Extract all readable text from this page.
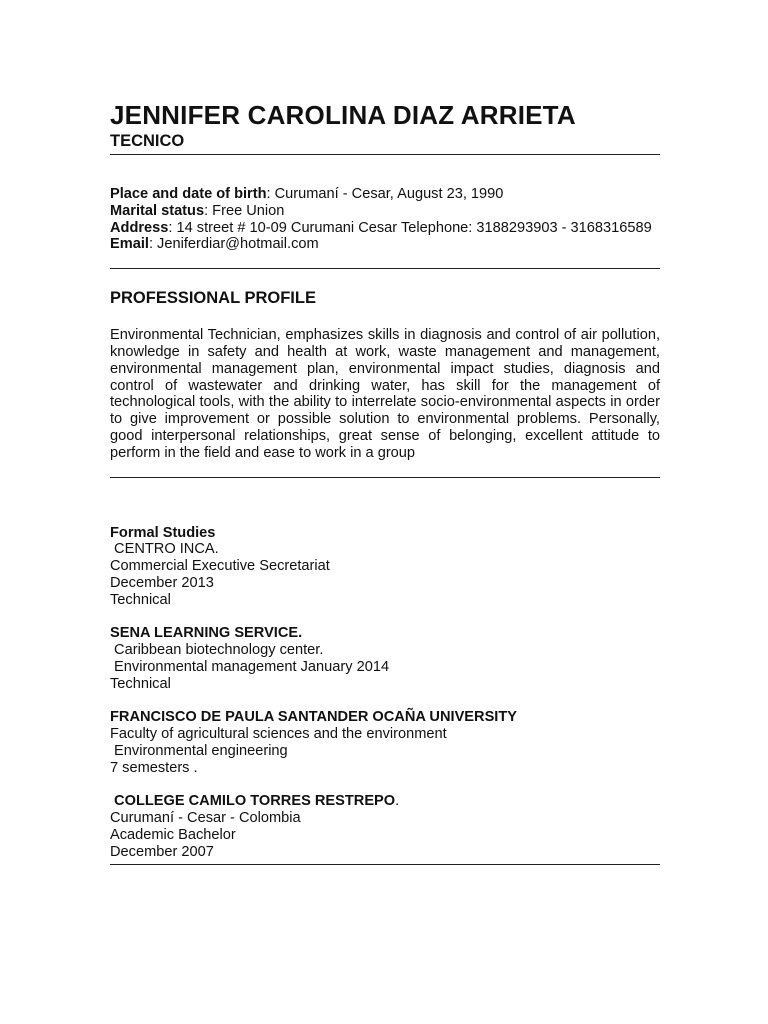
JENNIFER CAROLINA DIAZ ARRIETA
TECNICO
Place and date of birth: Curumaní - Cesar, August 23, 1990
Marital status: Free Union
Address: 14 street # 10-09 Curumani Cesar Telephone: 3188293903 - 3168316589
Email: Jeniferdiar@hotmail.com
PROFESSIONAL PROFILE

Environmental Technician, emphasizes skills in diagnosis and control of air pollution, knowledge in safety and health at work, waste management and management, environmental management plan, environmental impact studies, diagnosis and control of wastewater and drinking water, has skill for the management of technological tools, with the ability to interrelate socio-environmental aspects in order to give improvement or possible solution to environmental problems. Personally, good interpersonal relationships, great sense of belonging, excellent attitude to perform in the field and ease to work in a group

Formal Studies
CENTRO INCA.
Commercial Executive Secretariat
December 2013
Technical
SENA LEARNING SERVICE.
Caribbean biotechnology center.
Environmental management January 2014
Technical
FRANCISCO DE PAULA SANTANDER OCAÑA UNIVERSITY
Faculty of agricultural sciences and the environment
Environmental engineering
7 semesters .
COLLEGE CAMILO TORRES RESTREPO.
Curumaní - Cesar - Colombia
Academic Bachelor
December 2007
